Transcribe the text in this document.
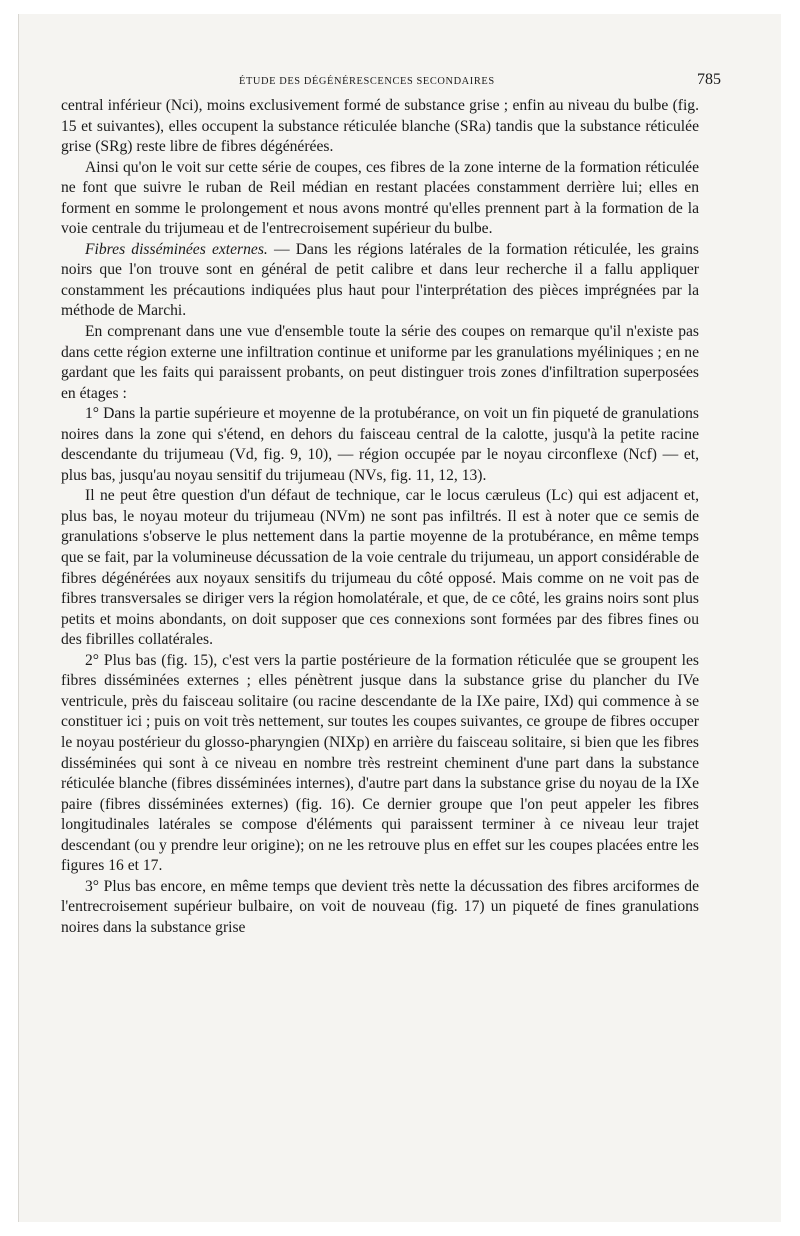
ÉTUDE DES DÉGÉNÉRESCENCES SECONDAIRES	785

central inférieur (Nci), moins exclusivement formé de substance grise ; enfin au niveau du bulbe (fig. 15 et suivantes), elles occupent la substance réticulée blanche (SRa) tandis que la substance réticulée grise (SRg) reste libre de fibres dégénérées.

Ainsi qu'on le voit sur cette série de coupes, ces fibres de la zone interne de la formation réticulée ne font que suivre le ruban de Reil médian en restant placées constamment derrière lui; elles en forment en somme le prolongement et nous avons montré qu'elles prennent part à la formation de la voie centrale du trijumeau et de l'entrecroisement supérieur du bulbe.

Fibres disséminées externes. — Dans les régions latérales de la formation réticulée, les grains noirs que l'on trouve sont en général de petit calibre et dans leur recherche il a fallu appliquer constamment les précautions indiquées plus haut pour l'interprétation des pièces imprégnées par la méthode de Marchi.

En comprenant dans une vue d'ensemble toute la série des coupes on remarque qu'il n'existe pas dans cette région externe une infiltration continue et uniforme par les granulations myéliniques ; en ne gardant que les faits qui paraissent probants, on peut distinguer trois zones d'infiltration superposées en étages :

1° Dans la partie supérieure et moyenne de la protubérance, on voit un fin piqueté de granulations noires dans la zone qui s'étend, en dehors du faisceau central de la calotte, jusqu'à la petite racine descendante du trijumeau (Vd, fig. 9, 10), — région occupée par le noyau circonflexe (Ncf) — et, plus bas, jusqu'au noyau sensitif du trijumeau (NVs, fig. 11, 12, 13).

Il ne peut être question d'un défaut de technique, car le locus cæruleus (Lc) qui est adjacent et, plus bas, le noyau moteur du trijumeau (NVm) ne sont pas infiltrés. Il est à noter que ce semis de granulations s'observe le plus nettement dans la partie moyenne de la protubérance, en même temps que se fait, par la volumineuse décussation de la voie centrale du trijumeau, un apport considérable de fibres dégénérées aux noyaux sensitifs du trijumeau du côté opposé. Mais comme on ne voit pas de fibres transversales se diriger vers la région homolatérale, et que, de ce côté, les grains noirs sont plus petits et moins abondants, on doit supposer que ces connexions sont formées par des fibres fines ou des fibrilles collatérales.

2° Plus bas (fig. 15), c'est vers la partie postérieure de la formation réticulée que se groupent les fibres disséminées externes ; elles pénètrent jusque dans la substance grise du plancher du IVe ventricule, près du faisceau solitaire (ou racine descendante de la IXe paire, IXd) qui commence à se constituer ici ; puis on voit très nettement, sur toutes les coupes suivantes, ce groupe de fibres occuper le noyau postérieur du glosso-pharyngien (NIXp) en arrière du faisceau solitaire, si bien que les fibres disséminées qui sont à ce niveau en nombre très restreint cheminent d'une part dans la substance réticulée blanche (fibres disséminées internes), d'autre part dans la substance grise du noyau de la IXe paire (fibres disséminées externes) (fig. 16). Ce dernier groupe que l'on peut appeler les fibres longitudinales latérales se compose d'éléments qui paraissent terminer à ce niveau leur trajet descendant (ou y prendre leur origine); on ne les retrouve plus en effet sur les coupes placées entre les figures 16 et 17.

3° Plus bas encore, en même temps que devient très nette la décussation des fibres arciformes de l'entrecroisement supérieur bulbaire, on voit de nouveau (fig. 17) un piqueté de fines granulations noires dans la substance grise
